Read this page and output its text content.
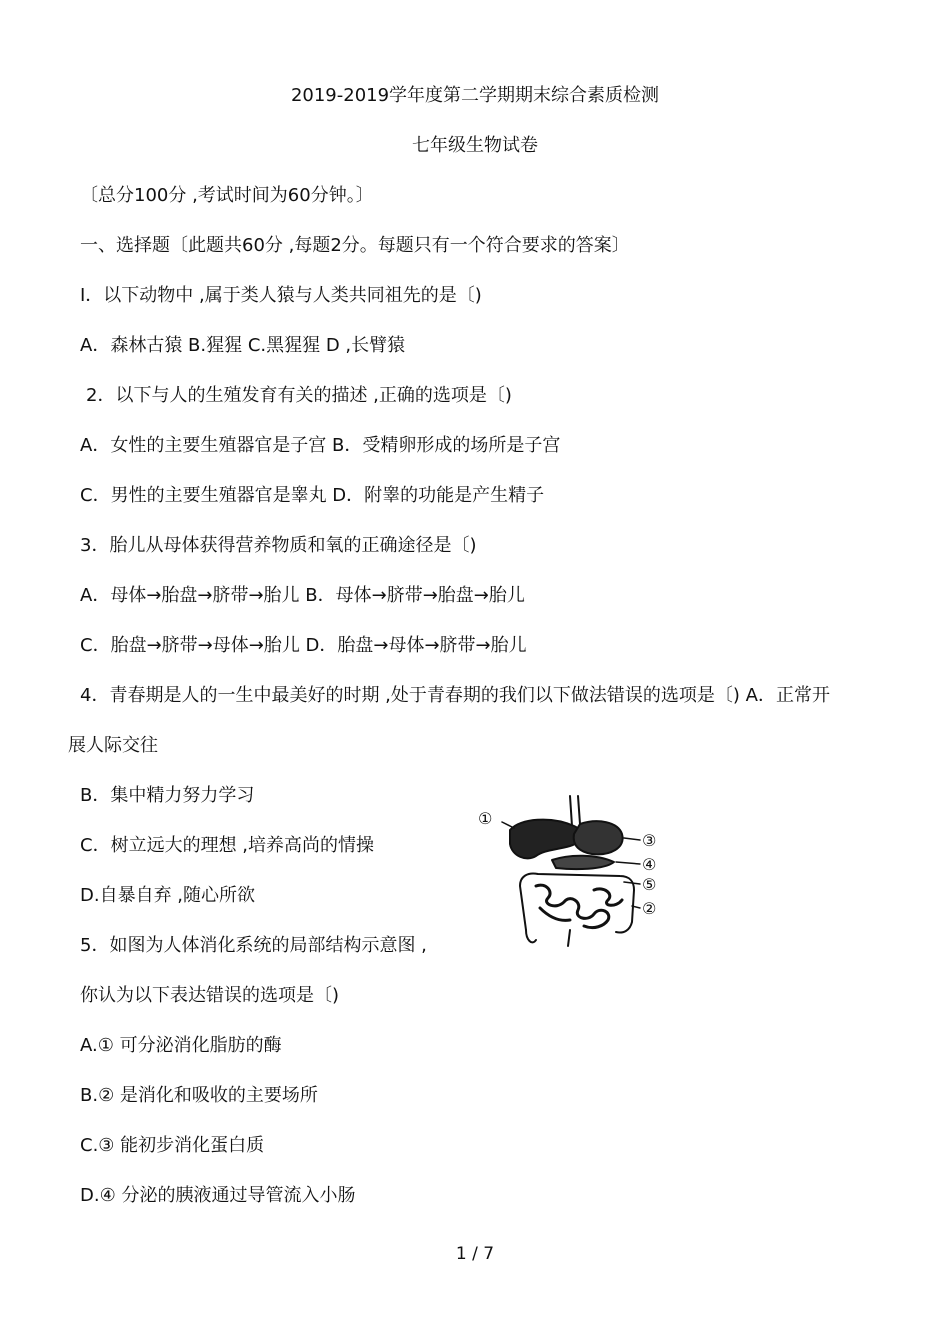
2019-2019学年度第二学期期末综合素质检测
七年级生物试卷
〔总分100分 ,考试时间为60分钟。〕
一、选择题〔此题共60分 ,每题2分。每题只有一个符合要求的答案〕
I．以下动物中 ,属于类人猿与人类共同祖先的是〔)
A．森林古猿 B.猩猩 C.黑猩猩 D ,长臂猿
2．以下与人的生殖发育有关的描述 ,正确的选项是〔)
A．女性的主要生殖器官是子宫 B．受精卵形成的场所是子宫
C．男性的主要生殖器官是睾丸 D．附睾的功能是产生精子
3．胎儿从母体获得营养物质和氧的正确途径是〔)
A．母体→胎盘→脐带→胎儿 B．母体→脐带→胎盘→胎儿
C．胎盘→脐带→母体→胎儿 D．胎盘→母体→脐带→胎儿
4．青春期是人的一生中最美好的时期 ,处于青春期的我们以下做法错误的选项是〔) A．正常开
展人际交往
B．集中精力努力学习
C．树立远大的理想 ,培养高尚的情操
D.自暴自弃 ,随心所欲
5．如图为人体消化系统的局部结构示意图 ,
你认为以下表达错误的选项是〔)
A.① 可分泌消化脂肪的酶
B.② 是消化和吸收的主要场所
C.③ 能初步消化蛋白质
D.④ 分泌的胰液通过导管流入小肠
①
③
④
⑤
②
1 / 7
